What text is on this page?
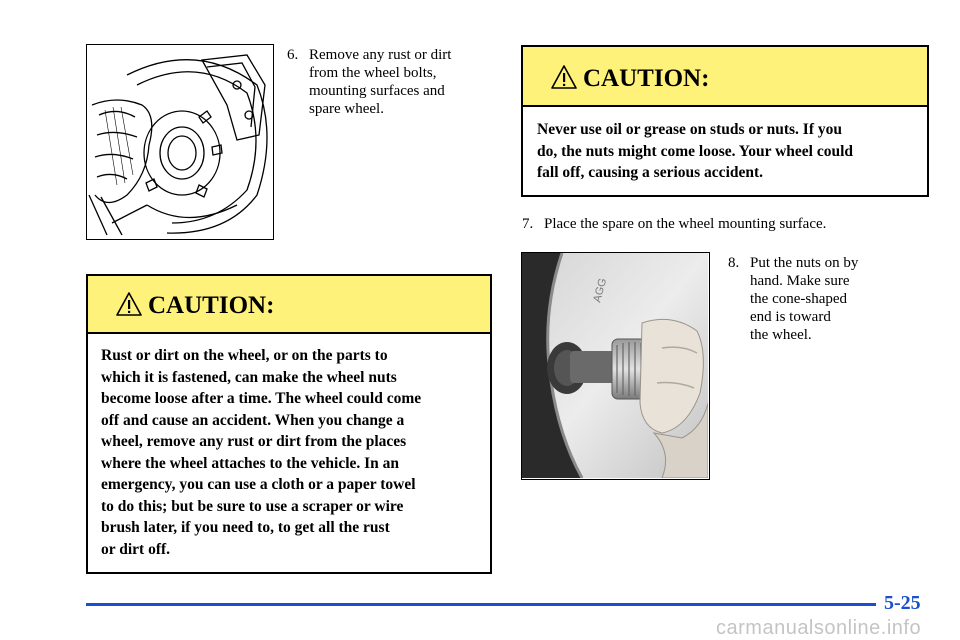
6. Remove any rust or dirt
from the wheel bolts,
mounting surfaces and
spare wheel.
CAUTION:
Rust or dirt on the wheel, or on the parts to
which it is fastened, can make the wheel nuts
become loose after a time. The wheel could come
off and cause an accident. When you change a
wheel, remove any rust or dirt from the places
where the wheel attaches to the vehicle. In an
emergency, you can use a cloth or a paper towel
to do this; but be sure to use a scraper or wire
brush later, if you need to, to get all the rust
or dirt off.
CAUTION:
Never use oil or grease on studs or nuts. If you
do, the nuts might come loose. Your wheel could
fall off, causing a serious accident.
7. Place the spare on the wheel mounting surface.
AGG
8. Put the nuts on by
hand. Make sure
the cone-shaped
end is toward
the wheel.
5-25
carmanualsonline.info
